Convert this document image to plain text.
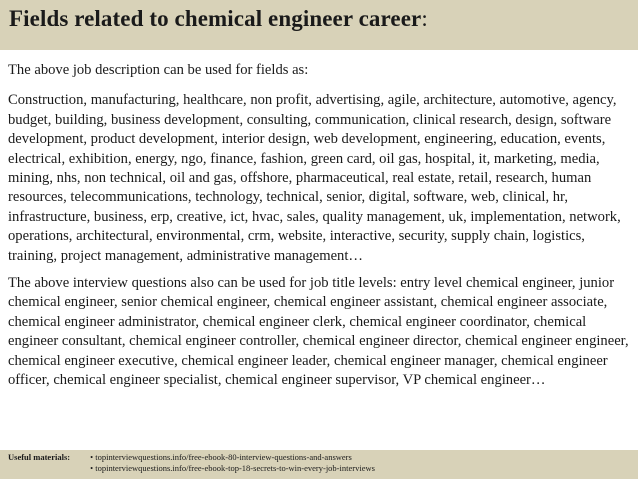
Fields related to chemical engineer career:

The above job description can be used for fields as:

Construction, manufacturing, healthcare, non profit, advertising, agile, architecture, automotive, agency, budget, building, business development, consulting, communication, clinical research, design, software development, product development, interior design, web development, engineering, education, events, electrical, exhibition, energy, ngo, finance, fashion, green card, oil gas, hospital, it, marketing, media, mining, nhs, non technical, oil and gas, offshore, pharmaceutical, real estate, retail, research, human resources, telecommunications, technology, technical, senior, digital, software, web, clinical, hr, infrastructure, business, erp, creative, ict, hvac, sales, quality management, uk, implementation, network, operations, architectural, environmental, crm, website, interactive, security, supply chain, logistics, training, project management, administrative management…

The above interview questions also can be used for job title levels: entry level chemical engineer, junior chemical engineer, senior chemical engineer, chemical engineer assistant, chemical engineer associate, chemical engineer administrator, chemical engineer clerk, chemical engineer coordinator, chemical engineer consultant, chemical engineer controller, chemical engineer director, chemical engineer engineer, chemical engineer executive, chemical engineer leader, chemical engineer manager, chemical engineer officer, chemical engineer specialist, chemical engineer supervisor, VP chemical engineer…

Useful materials: • topinterviewquestions.info/free-ebook-80-interview-questions-and-answers
• topinterviewquestions.info/free-ebook-top-18-secrets-to-win-every-job-interviews
